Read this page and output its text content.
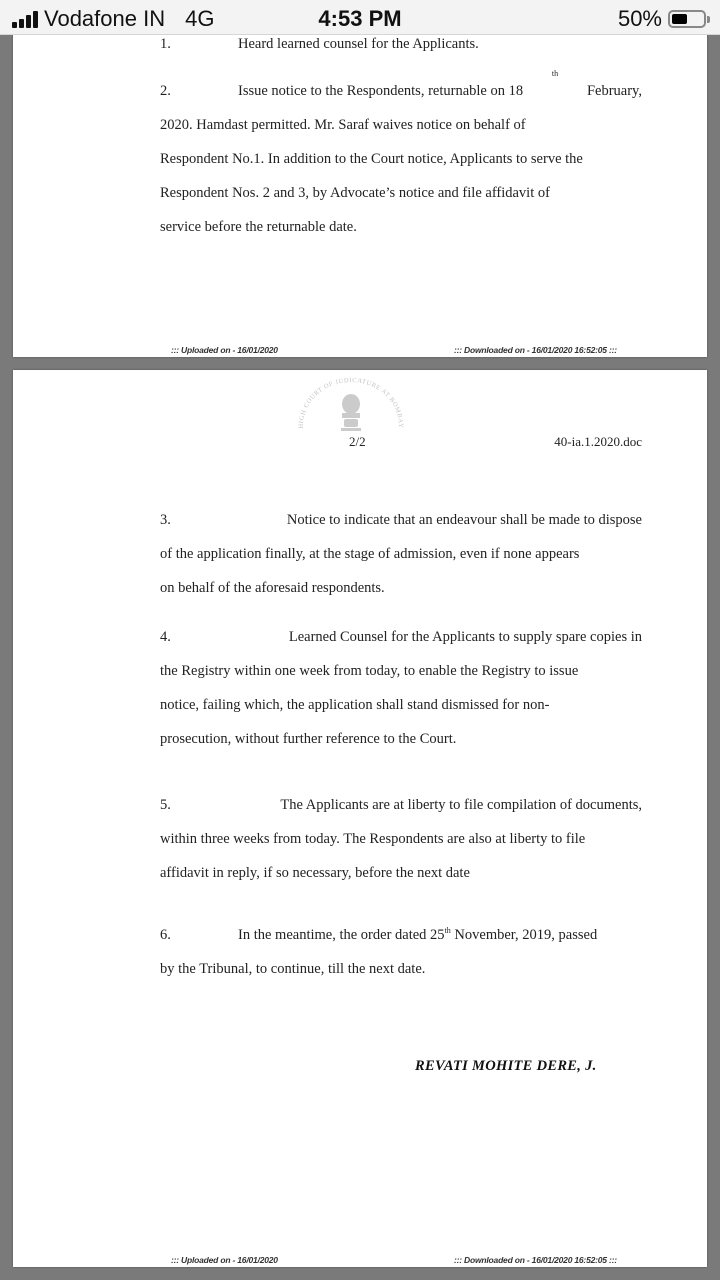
Vodafone IN 4G	4:53 PM	50%
1.	Heard learned counsel for the Applicants.
2.	Issue notice to the Respondents, returnable on 18
th
February,
2020. Hamdast permitted. Mr. Saraf waives notice on behalf of
Respondent No.1. In addition to the Court notice, Applicants to serve the
Respondent Nos. 2 and 3, by Advocate’s notice and file affidavit of
service before the returnable date.
::: Uploaded on - 16/01/2020	::: Downloaded on - 16/01/2020 16:52:05 :::
HIGH COURT OF JUDICATURE AT BOMBAY
2/2	40-ia.1.2020.doc
3.	Notice to indicate that an endeavour shall be made to dispose
of the application finally, at the stage of admission, even if none appears
on behalf of the aforesaid respondents.
4.	Learned Counsel for the Applicants to supply spare copies in
the Registry within one week from today, to enable the Registry to issue
notice, failing which, the application shall stand dismissed for non-
prosecution, without further reference to the Court.
5.	The Applicants are at liberty to file compilation of documents,
within three weeks from today. The Respondents are also at liberty to file
affidavit in reply, if so necessary, before the next date
6.	In the meantime, the order dated 25th November, 2019, passed
by the Tribunal, to continue, till the next date.
REVATI MOHITE DERE, J.
::: Uploaded on - 16/01/2020	::: Downloaded on - 16/01/2020 16:52:05 :::
